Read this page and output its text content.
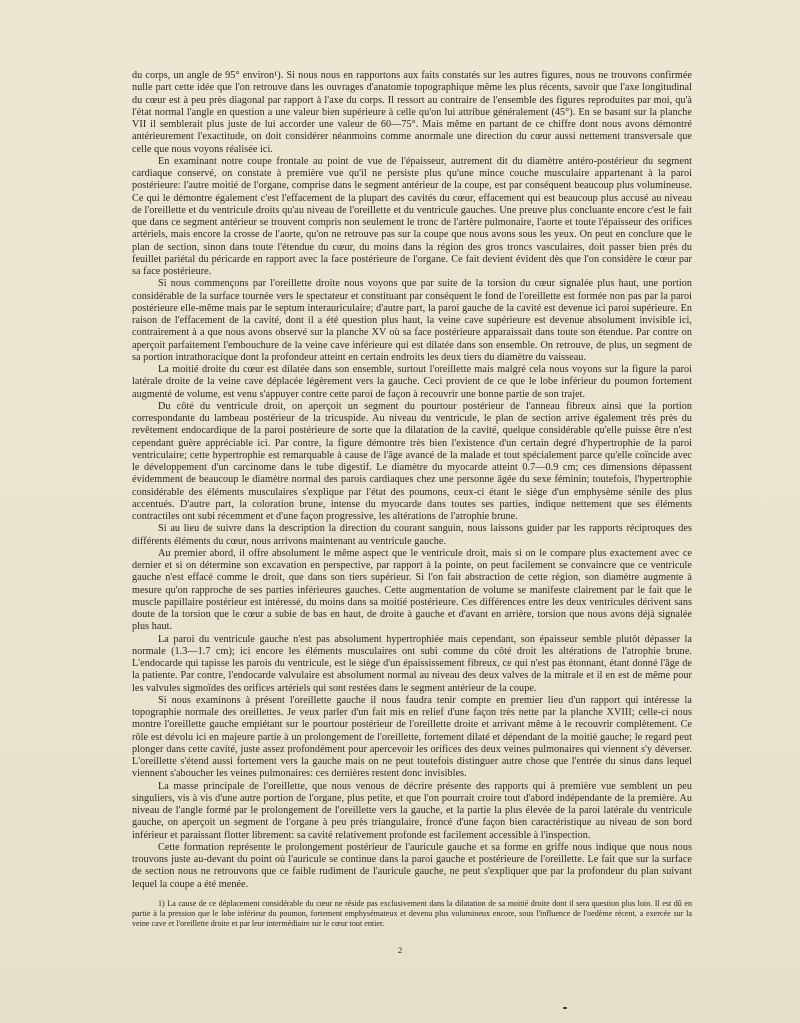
du corps, un angle de 95° environ¹). Si nous nous en rapportons aux faits constatés sur les autres figures, nous ne trouvons confirmée nulle part cette idée que l'on retrouve dans les ouvrages d'anatomie topographique même les plus récents, savoir que l'axe longitudinal du cœur est à peu près diagonal par rapport à l'axe du corps. Il ressort au contraire de l'ensemble des figures reproduites par moi, qu'à l'état normal l'angle en question a une valeur bien supérieure à celle qu'on lui attribue généralement (45°). En se basant sur la planche VII il semblerait plus juste de lui accorder une valeur de 60—75°. Mais même en partant de ce chiffre dont nous avons démontré antérieurement l'exactitude, on doit considérer néanmoins comme anormale une direction du cœur aussi nettement transversale que celle que nous voyons réalisée ici.

En examinant notre coupe frontale au point de vue de l'épaisseur, autrement dit du diamètre antéro-postérieur du segment cardiaque conservé, on constate à première vue qu'il ne persiste plus qu'une mince couche musculaire appartenant à la paroi postérieure: l'autre moitié de l'organe, comprise dans le segment antérieur de la coupe, est par conséquent beaucoup plus volumineuse. Ce qui le démontre également c'est l'effacement de la plupart des cavités du cœur, effacement qui est beaucoup plus accusé au niveau de l'oreillette et du ventricule droits qu'au niveau de l'oreillette et du ventricule gauches. Une preuve plus concluante encore c'est le fait que dans ce segment antérieur se trouvent compris non seulement le tronc de l'artère pulmonaire, l'aorte et toute l'épaisseur des orifices artériels, mais encore la crosse de l'aorte, qu'on ne retrouve pas sur la coupe que nous avons sous les yeux. On peut en conclure que le plan de section, sinon dans toute l'étendue du cœur, du moins dans la région des gros troncs vasculaires, doit passer bien près du feuillet pariétal du péricarde en rapport avec la face postérieure de l'organe. Ce fait devient évident dès que l'on considère le cœur par sa face postérieure.

Si nous commençons par l'oreillette droite nous voyons que par suite de la torsion du cœur signalée plus haut, une portion considérable de la surface tournée vers le spectateur et constituant par conséquent le fond de l'oreillette est formée non pas par la paroi postérieure elle-même mais par le septum interauriculaire; d'autre part, la paroi gauche de la cavité est devenue ici paroi supérieure. En raison de l'effacement de la cavité, dont il a été question plus haut, la veine cave supérieure est devenue absolument invisible ici, contrairement à a que nous avons observé sur la planche XV où sa face postérieure apparaissait dans toute son étendue. Par contre on aperçoit parfaitement l'embouchure de la veine cave inférieure qui est dilatée dans son ensemble. On retrouve, de plus, un segment de sa portion intrathoracique dont la profondeur atteint en certain endroits les deux tiers du diamètre du vaisseau.

La moitié droite du cœur est dilatée dans son ensemble, surtout l'oreillette mais malgré cela nous voyons sur la figure la paroi latérale droite de la veine cave déplacée légèrement vers la gauche. Ceci provient de ce que le lobe inférieur du poumon fortement augmenté de volume, est venu s'appuyer contre cette paroi de façon à recouvrir une bonne partie de son trajet.

Du côté du ventricule droit, on aperçoit un segment du pourtour postérieur de l'anneau fibreux ainsi que la portion correspondante du lambeau postérieur de la tricuspide. Au niveau du ventricule, le plan de section arrive également très près du revêtement endocardique de la paroi postérieure de sorte que la dilatation de la cavité, quelque considérable qu'elle puisse être n'est cependant guère appréciable ici. Par contre, la figure démontre très bien l'existence d'un certain degré d'hypertrophie de la paroi ventriculaire; cette hypertrophie est remarquable à cause de l'âge avancé de la malade et tout spécialement parce qu'elle coïncide avec le développement d'un carcinome dans le tube digestif. Le diamètre du myocarde atteint 0.7—0.9 cm; ces dimensions dépassent évidemment de beaucoup le diamètre normal des parois cardiaques chez une personne âgée du sexe féminin; toutefois, l'hypertrophie considérable des éléments musculaires s'explique par l'état des poumons, ceux-ci étant le siège d'un emphysème sénile des plus accentués. D'autre part, la coloration brune, intense du myocarde dans toutes ses parties, indique nettement que ses éléments contractiles ont subi récemment et d'une façon progressive, les altérations de l'atrophie brune.

Si au lieu de suivre dans la description la direction du courant sanguin, nous laissons guider par les rapports réciproques des différents éléments du cœur, nous arrivons maintenant au ventricule gauche.

Au premier abord, il offre absolument le même aspect que le ventricule droit, mais si on le compare plus exactement avec ce dernier et si on détermine son excavation en perspective, par rapport à la pointe, on peut facilement se convaincre que ce ventricule gauche n'est effacé comme le droit, que dans son tiers supérieur. Si l'on fait abstraction de cette région, son diamètre augmente à mesure qu'on rapproche de ses parties inférieures gauches. Cette augmentation de volume se manifeste clairement par le fait que le muscle papillaire postérieur est intéressé, du moins dans sa moitié postérieure. Ces différences entre les deux ventricules dérivent sans doute de la torsion que le cœur a subie de bas en haut, de droite à gauche et d'avant en arrière, torsion que nous avons déjà signalée plus haut.

La paroi du ventricule gauche n'est pas absolument hypertrophiée mais cependant, son épaisseur semble plutôt dépasser la normale (1.3—1.7 cm); ici encore les éléments musculaires ont subi comme du côté droit les altérations de l'atrophie brune. L'endocarde qui tapisse les parois du ventricule, est le siège d'un épaississement fibreux, ce qui n'est pas étonnant, étant donné l'âge de la patiente. Par contre, l'endocarde valvulaire est absolument normal au niveau des deux valves de la mitrale et il en est de même pour les valvules sigmoïdes des orifices artériels qui sont restées dans le segment antérieur de la coupe.

Si nous examinons à présent l'oreillette gauche il nous faudra tenir compte en premier lieu d'un rapport qui intéresse la topographie normale des oreillettes. Je veux parler d'un fait mis en relief d'une façon très nette par la planche XVIII; celle-ci nous montre l'oreillette gauche empiétant sur le pourtour postérieur de l'oreillette droite et arrivant même à le recouvrir complètement. Ce rôle est dévolu ici en majeure partie à un prolongement de l'oreillette, fortement dilaté et dépendant de la moitié gauche; le regard peut plonger dans cette cavité, juste assez profondément pour apercevoir les orifices des deux veines pulmonaires qui viennent s'y déverser. L'oreillette s'étend aussi fortement vers la gauche mais on ne peut toutefois distinguer autre chose que l'entrée du sinus dans lequel viennent s'aboucher les veines pulmonaires: ces dernières restent donc invisibles.

La masse principale de l'oreillette, que nous venous de décrire présente des rapports qui à première vue semblent un peu singuliers, vis à vis d'une autre portion de l'organe, plus petite, et que l'on pourrait croire tout d'abord indépendante de la première. Au niveau de l'angle formé par le prolongement de l'oreillette vers la gauche, et la partie la plus élevée de la paroi latérale du ventricule gauche, on aperçoit un segment de l'organe à peu près triangulaire, froncé d'une façon bien caractéristique au niveau de son bord inférieur et paraissant flotter librement: sa cavité relativement profonde est facilement accessible à l'inspection.

Cette formation représente le prolongement postérieur de l'auricule gauche et sa forme en griffe nous indique que nous nous trouvons juste au-devant du point où l'auricule se continue dans la paroi gauche et postérieure de l'oreillette. Le fait que sur la surface de section nous ne retrouvons que ce faible rudiment de l'auricule gauche, ne peut s'expliquer que par la profondeur du plan suivant lequel la coupe a été menée.

1) La cause de ce déplacement considérable du cœur ne réside pas exclusivement dans la dilatation de sa moitié droite dont il sera question plus loin. Il est dû en partie à la pression que le lobe inférieur du poumon, fortement emphysémateux et devenu plus volumineux encore, sous l'influence de l'oedème récent, a exercée sur la veine cave et l'oreillette droite et par leur intermédiaire sur le cœur tout entier.

2
